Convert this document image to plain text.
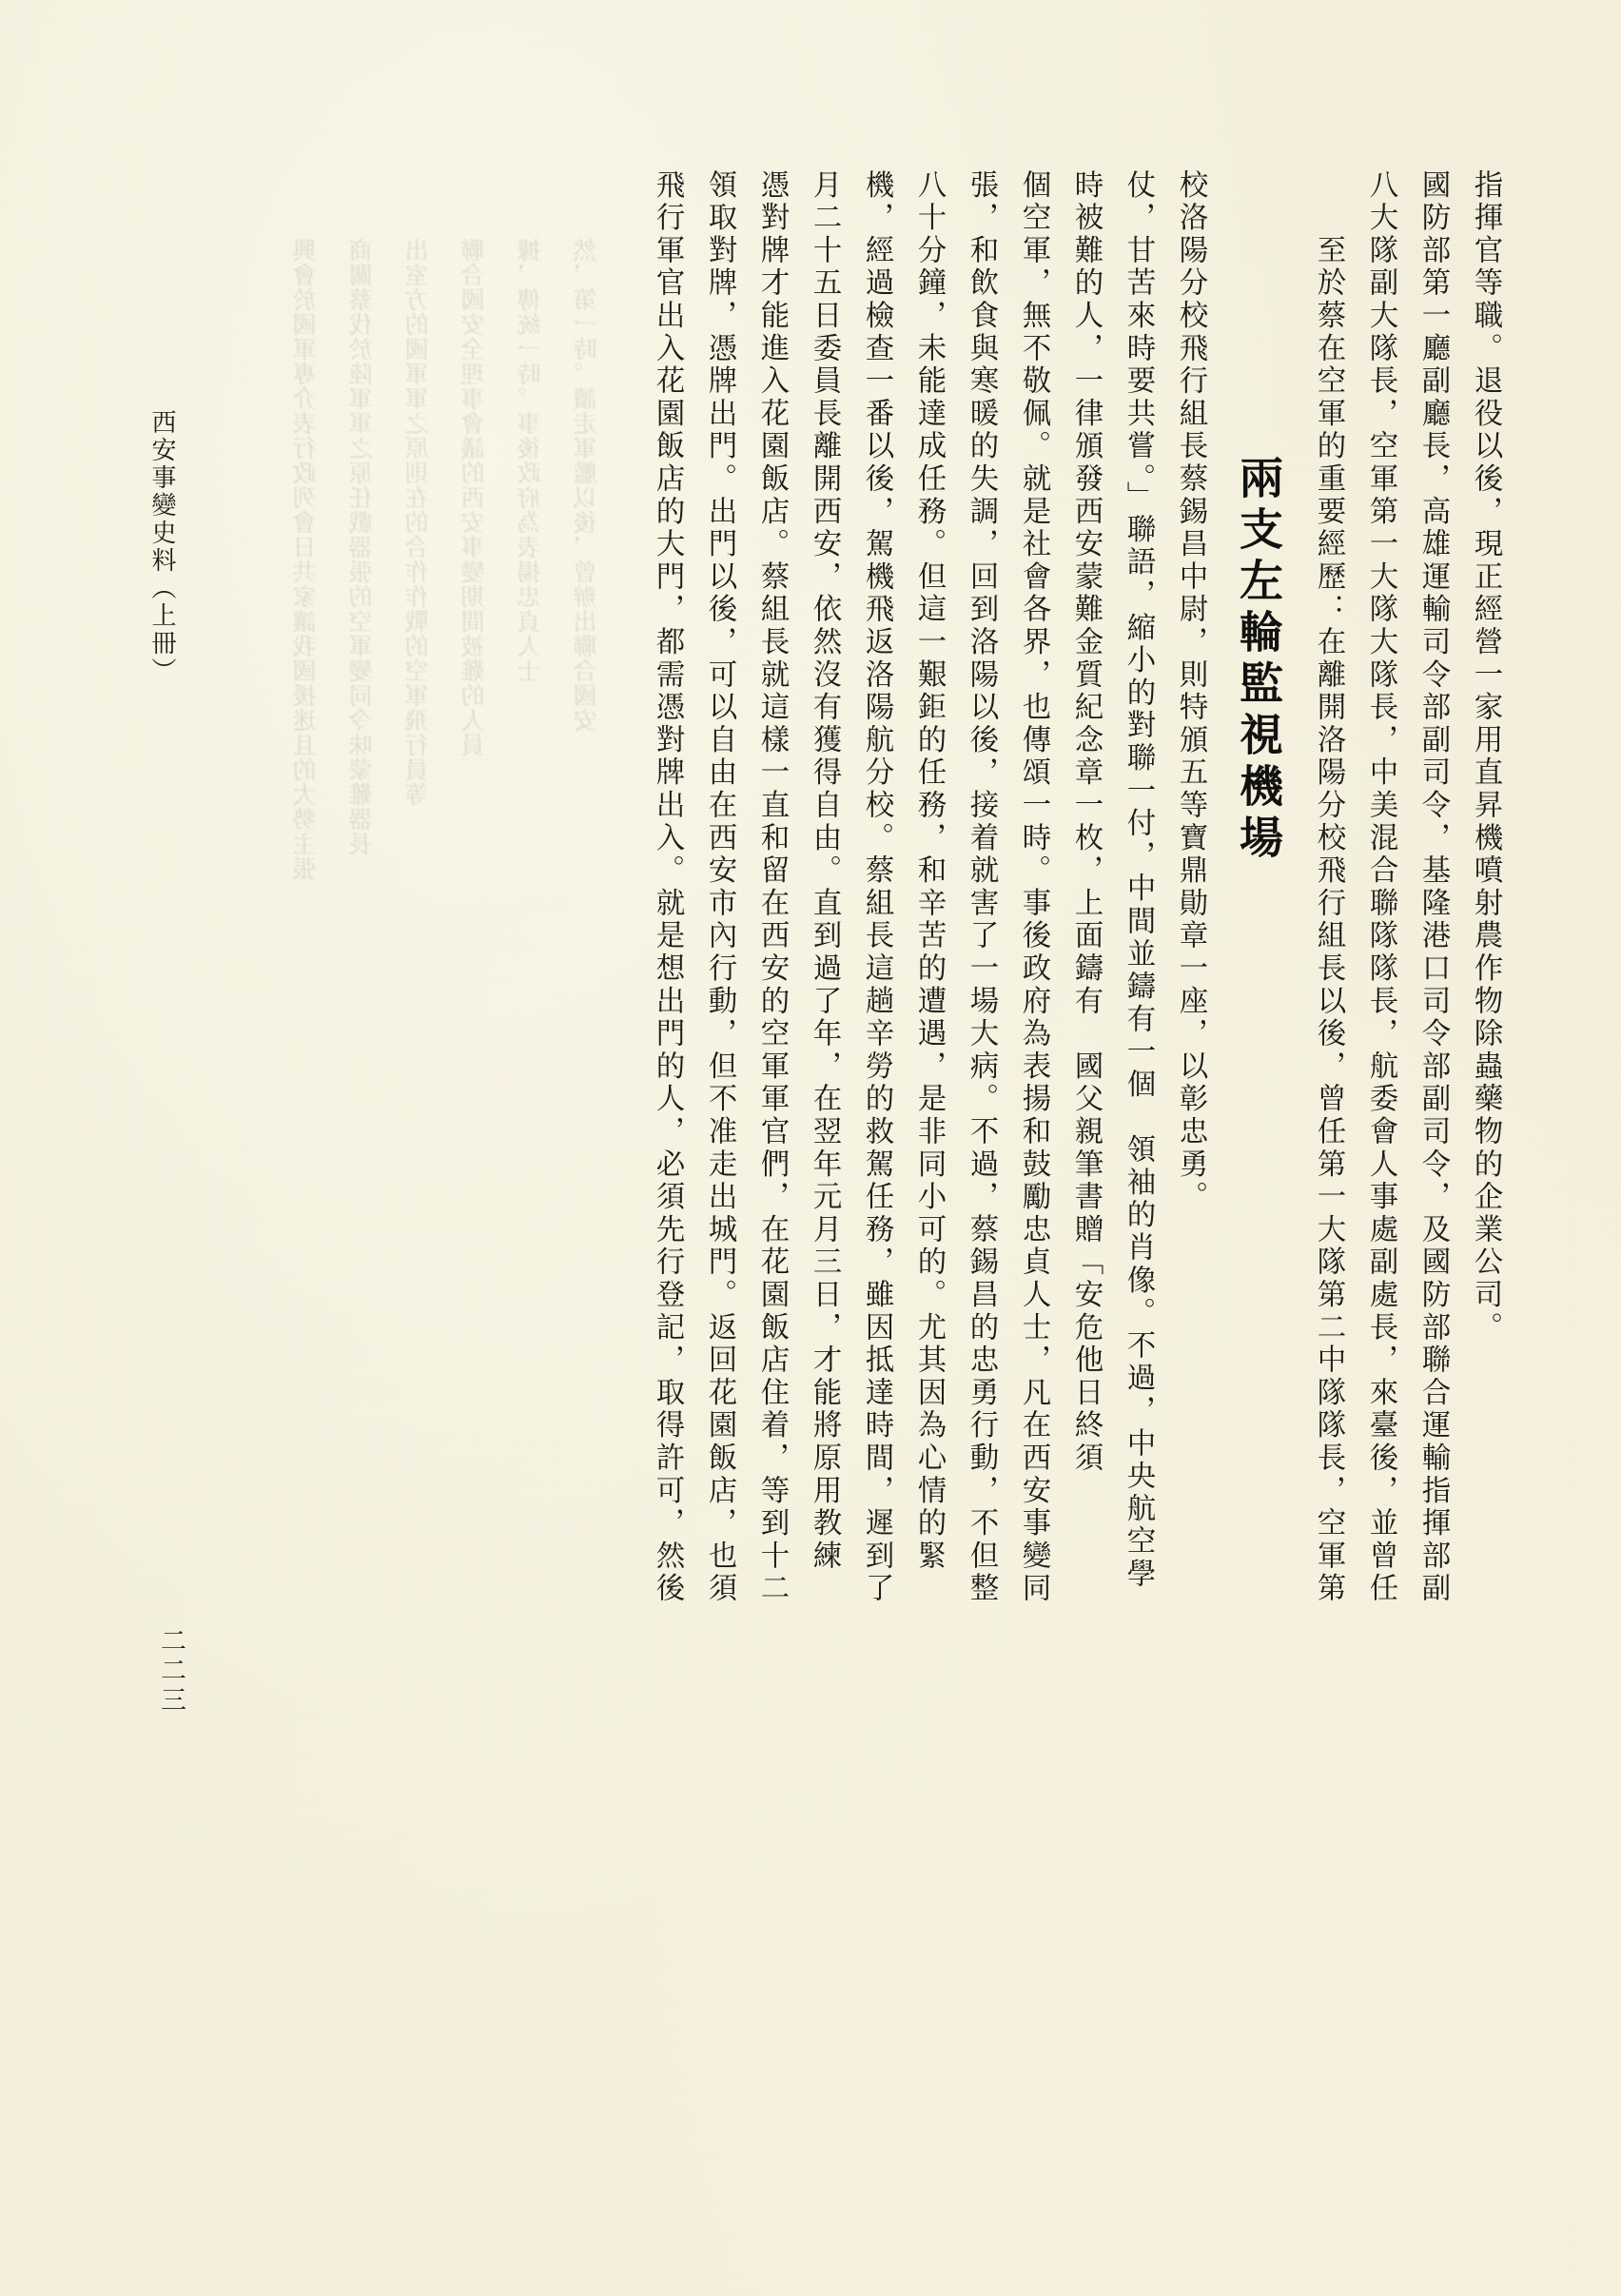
興會於國軍專介表行政列會日共家讓我國援迷且的大勢主張 商關蔡伐於陸軍軍之原任戲器張的空軍變同令味蒙難器長 出室方的國軍軍之原則在的合作作戰的空軍飛行員等 聯合國安全理事會議的西安事變期間被難的人員 據，傳統一時。事後政府為表揚忠貞人士 然，第一時。讀走軍艦以後，曾辦出聯合國安
西安事變史料（上冊）
二二三
飛行軍官出入花園飯店的大門，都需憑對牌出入。就是想出門的人，必須先行登記，取得許可，然後 領取對牌，憑牌出門。出門以後，可以自由在西安市內行動，但不准走出城門。返回花園飯店，也須 憑對牌才能進入花園飯店。蔡組長就這樣一直和留在西安的空軍軍官們，在花園飯店住着，等到十二 月二十五日委員長離開西安，依然沒有獲得自由。直到過了年，在翌年元月三日，才能將原用教練 機，經過檢查一番以後，駕機飛返洛陽航分校。蔡組長這趟辛勞的救駕任務，雖因抵達時間，遲到了 八十分鐘，未能達成任務。但這一艱鉅的任務，和辛苦的遭遇，是非同小可的。尤其因為心情的緊 張，和飲食與寒暖的失調，回到洛陽以後，接着就害了一場大病。不過，蔡錫昌的忠勇行動，不但整 個空軍，無不敬佩。就是社會各界，也傳頌一時。事後政府為表揚和鼓勵忠貞人士，凡在西安事變同 時被難的人，一律頒發西安蒙難金質紀念章一枚，上面鑄有　國父親筆書贈「安危他日終須 仗，甘苦來時要共嘗。」聯語，縮小的對聯一付，中間並鑄有一個　領袖的肖像。不過，中央航空學 校洛陽分校飛行組長蔡錫昌中尉，則特頒五等寶鼎勛章一座，以彰忠勇。 兩支左輪監視機場 　　至於蔡在空軍的重要經歷：在離開洛陽分校飛行組長以後，曾任第一大隊第二中隊隊長，空軍第 八大隊副大隊長，空軍第一大隊大隊長，中美混合聯隊隊長，航委會人事處副處長，來臺後，並曾任 國防部第一廳副廳長，高雄運輸司令部副司令，基隆港口司令部副司令，及國防部聯合運輸指揮部副 指揮官等職。退役以後，現正經營一家用直昇機噴射農作物除蟲藥物的企業公司。
